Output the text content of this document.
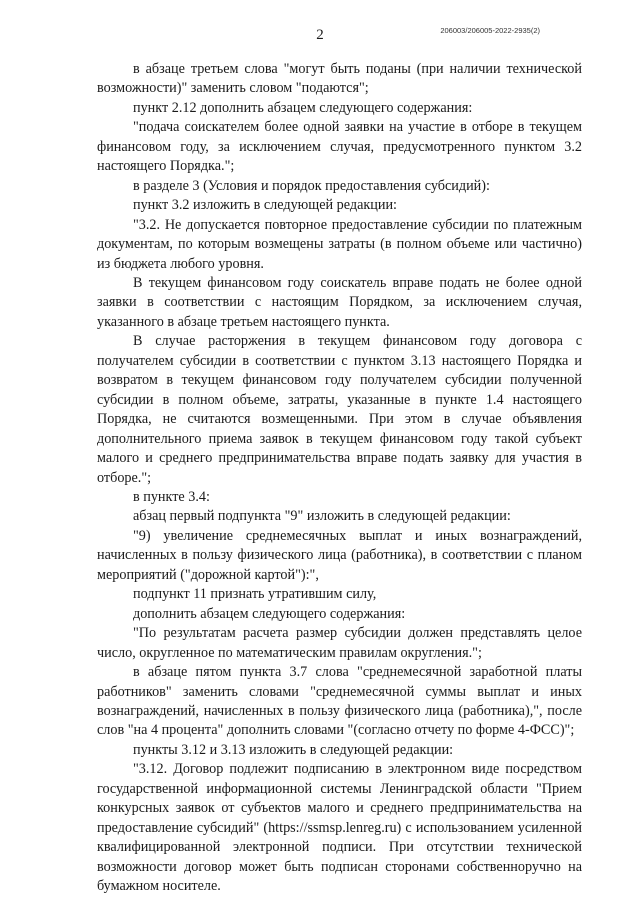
2	206003/206005-2022-2935(2)

в абзаце третьем слова "могут быть поданы (при наличии технической возможности)" заменить словом "подаются";

пункт 2.12 дополнить абзацем следующего содержания:

"подача соискателем более одной заявки на участие в отборе в текущем финансовом году, за исключением случая, предусмотренного пунктом 3.2 настоящего Порядка.";

в разделе 3 (Условия и порядок предоставления субсидий):

пункт 3.2 изложить в следующей редакции:

"3.2. Не допускается повторное предоставление субсидии по платежным документам, по которым возмещены затраты (в полном объеме или частично) из бюджета любого уровня.

В текущем финансовом году соискатель вправе подать не более одной заявки в соответствии с настоящим Порядком, за исключением случая, указанного в абзаце третьем настоящего пункта.

В случае расторжения в текущем финансовом году договора с получателем субсидии в соответствии с пунктом 3.13 настоящего Порядка и возвратом в текущем финансовом году получателем субсидии полученной субсидии в полном объеме, затраты, указанные в пункте 1.4 настоящего Порядка, не считаются возмещенными. При этом в случае объявления дополнительного приема заявок в текущем финансовом году такой субъект малого и среднего предпринимательства вправе подать заявку для участия в отборе.";

в пункте 3.4:

абзац первый подпункта "9" изложить в следующей редакции:

"9) увеличение среднемесячных выплат и иных вознаграждений, начисленных в пользу физического лица (работника), в соответствии с планом мероприятий ("дорожной картой"):",

подпункт 11 признать утратившим силу,

дополнить абзацем следующего содержания:

"По результатам расчета размер субсидии должен представлять целое число, округленное по математическим правилам округления.";

в абзаце пятом пункта 3.7 слова "среднемесячной заработной платы работников" заменить словами "среднемесячной суммы выплат и иных вознаграждений, начисленных в пользу физического лица (работника),", после слов "на 4 процента" дополнить словами "(согласно отчету по форме 4-ФСС)";

пункты 3.12 и 3.13 изложить в следующей редакции:

"3.12. Договор подлежит подписанию в электронном виде посредством государственной информационной системы Ленинградской области "Прием конкурсных заявок от субъектов малого и среднего предпринимательства на предоставление субсидий" (https://ssmsp.lenreg.ru) с использованием усиленной квалифицированной электронной подписи. При отсутствии технической возможности договор может быть подписан сторонами собственноручно на бумажном носителе.
